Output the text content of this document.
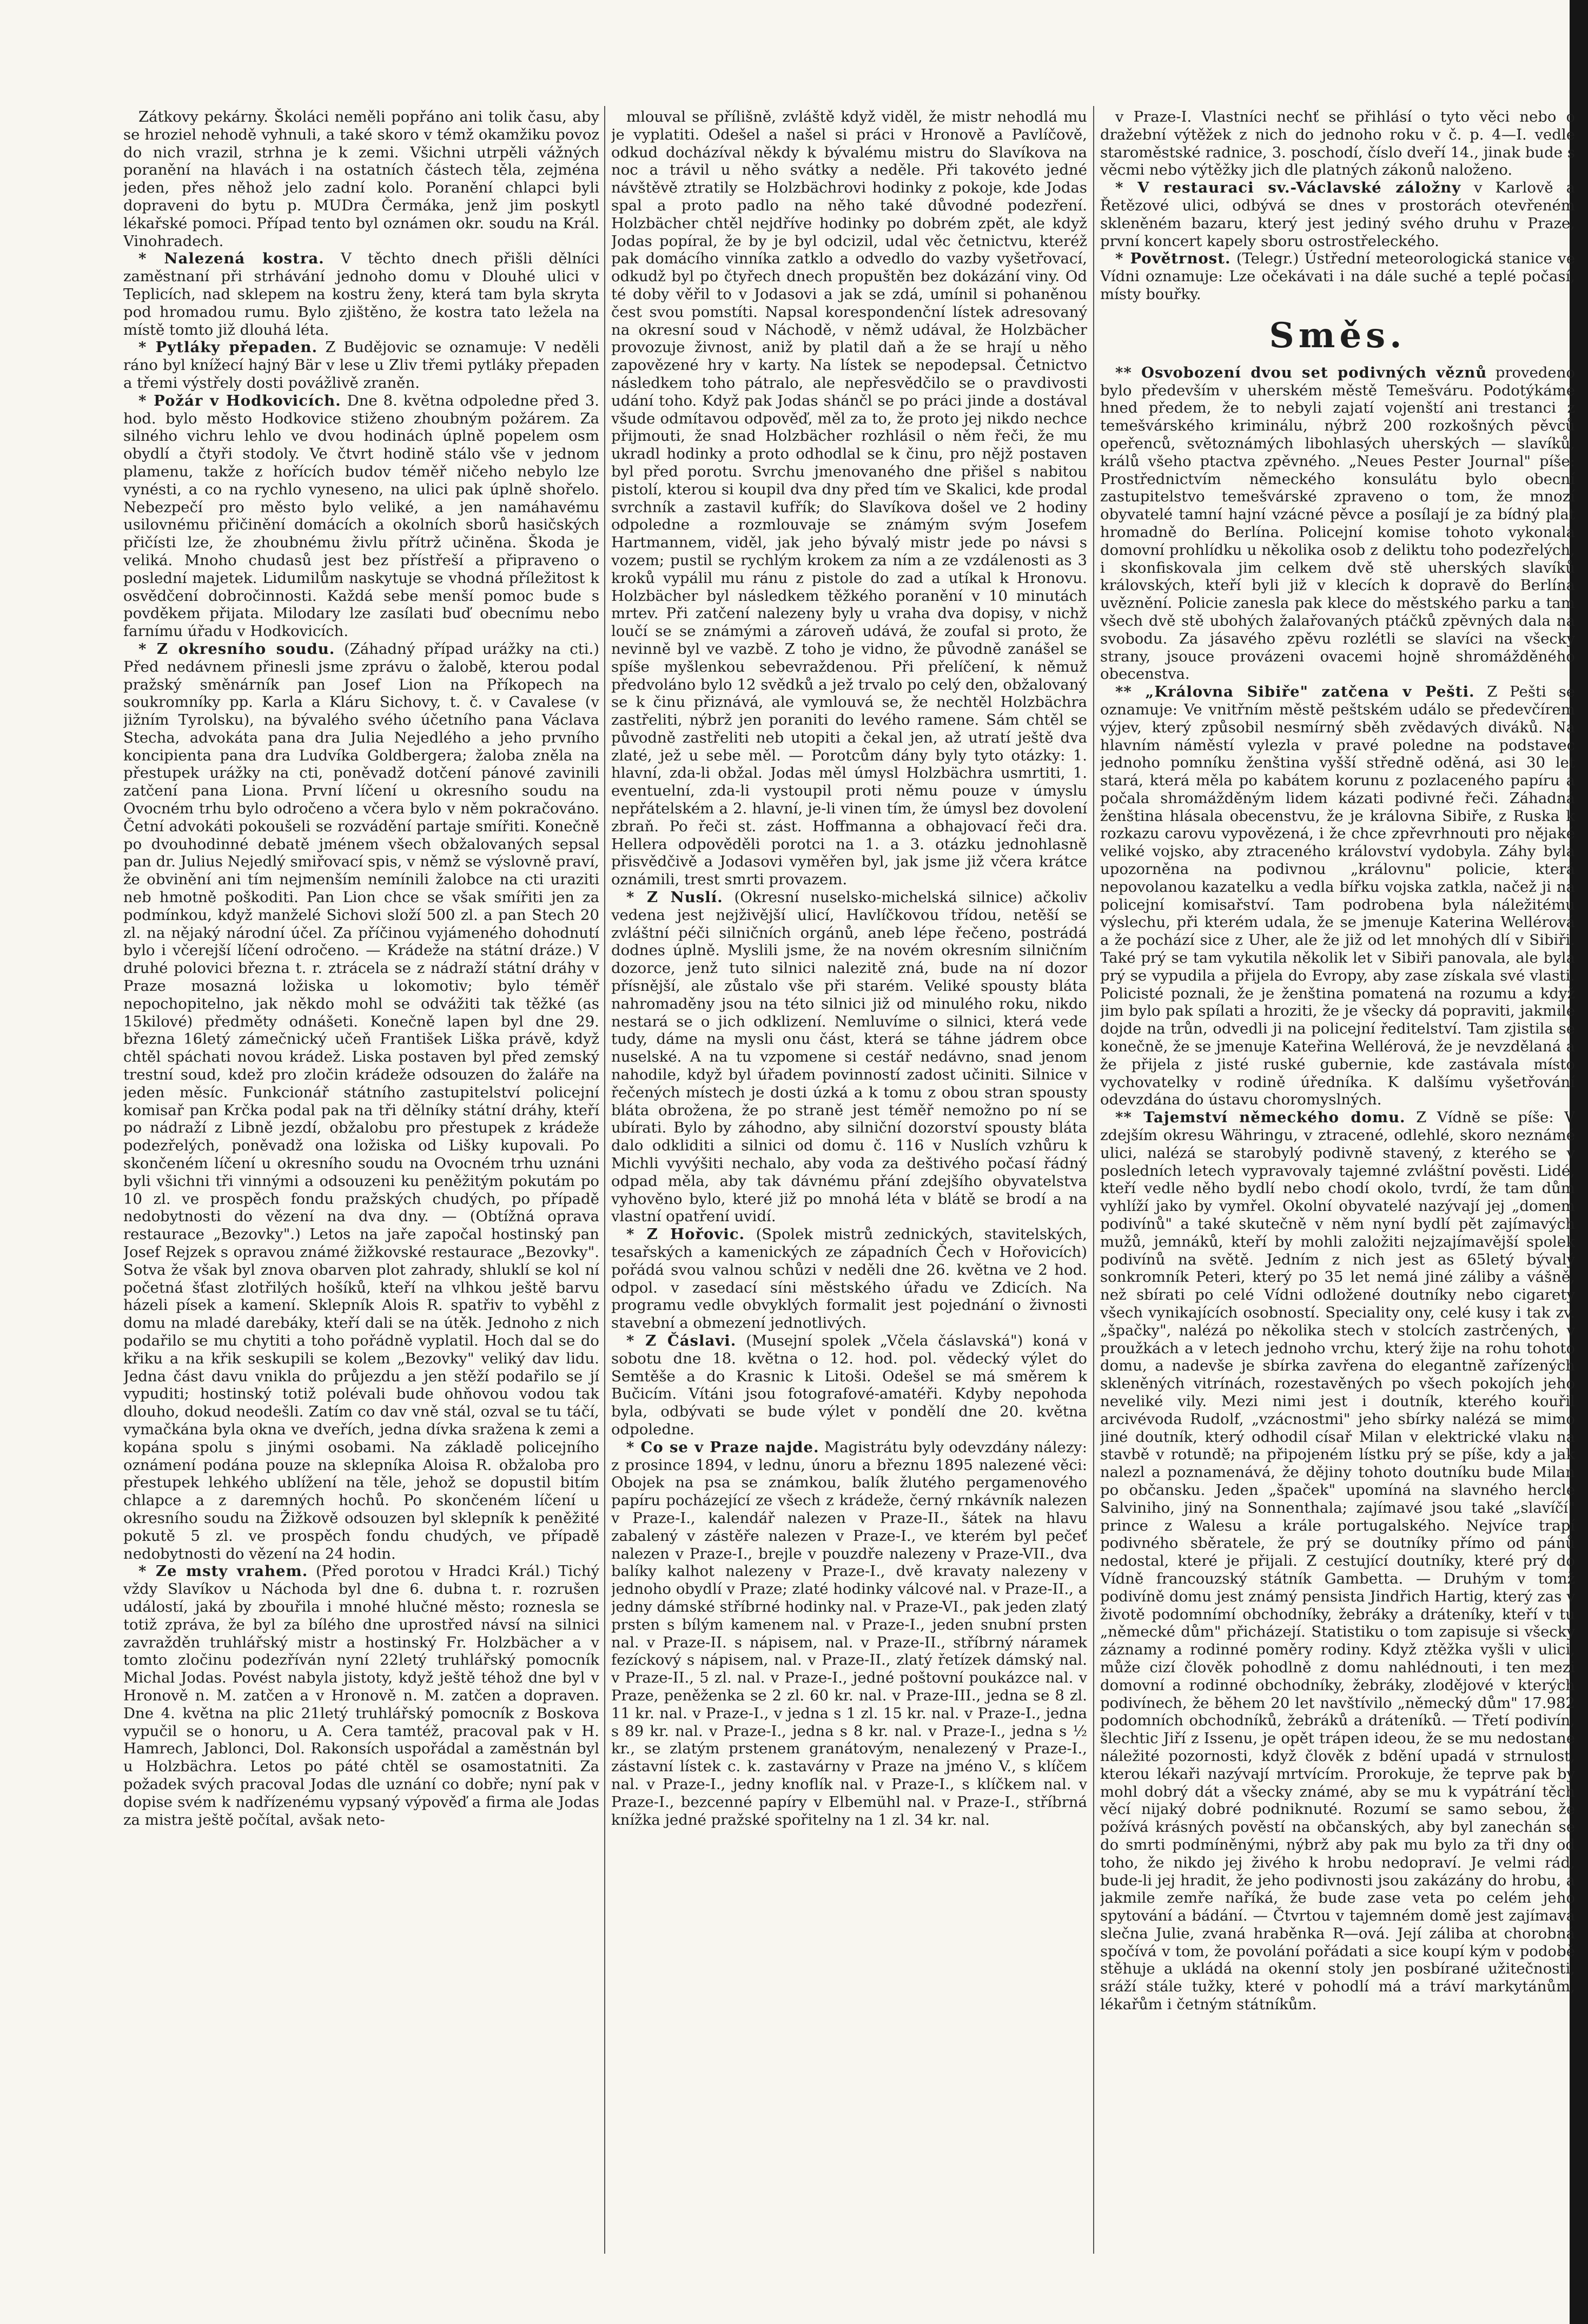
Zátkovy pekárny. Školáci neměli popřáno ani tolik času, aby se hroziel nehodě vyhnuli, a také skoro v témž okamžiku povoz do nich vrazil, strhna je k zemi. Všichni utrpěli vážných poranění na hlavách i na ostatních částech těla, zejména jeden, přes něhož jelo zadní kolo. Poranění chlapci byli dopraveni do bytu p. MUDra Čermáka, jenž jim poskytl lékařské pomoci. Případ tento byl oznámen okr. soudu na Král. Vinohradech.

* Nalezená kostra. V těchto dnech přišli dělníci zaměstnaní při strhávání jednoho domu v Dlouhé ulici v Teplicích, nad sklepem na kostru ženy, která tam byla skryta pod hromadou rumu. Bylo zjištěno, že kostra tato ležela na místě tomto již dlouhá léta.

* Pytláky přepaden. Z Budějovic se oznamuje: V neděli ráno byl knížecí hajný Bär v lese u Zliv třemi pytláky přepaden a třemi výstřely dosti povážlivě zraněn.

* Požár v Hodkovicích. Dne 8. května odpoledne před 3. hod. bylo město Hodkovice stiženo zhoubným požárem. Za silného vichru lehlo ve dvou hodinách úplně popelem osm obydlí a čtyři stodoly. Ve čtvrt hodině stálo vše v jednom plamenu, takže z hořících budov téměř ničeho nebylo lze vynésti, a co na rychlo vyneseno, na ulici pak úplně shořelo. Nebezpečí pro město bylo veliké, a jen namáhavému usilovnému přičinění domácích a okolních sborů hasičských přičísti lze, že zhoubnému živlu přítrž učiněna. Škoda je veliká. Mnoho chudasů jest bez přístřeší a připraveno o poslední majetek. Lidumilům naskytuje se vhodná příležitost k osvědčení dobročinnosti. Každá sebe menší pomoc bude s povděkem přijata. Milodary lze zasílati buď obecnímu nebo farnímu úřadu v Hodkovicích.

* Z okresního soudu. (Záhadný případ urážky na cti.) Před nedávnem přinesli jsme zprávu o žalobě, kterou podal pražský směnárník pan Josef Lion na Příkopech na soukromníky pp. Karla a Kláru Sichovy, t. č. v Cavalese (v jižním Tyrolsku), na bývalého svého účetního pana Václava Stecha, advokáta pana dra Julia Nejedlého a jeho prvního koncipienta pana dra Ludvíka Goldbergera; žaloba zněla na přestupek urážky na cti, poněvadž dotčení pánové zavinili zatčení pana Liona. První líčení u okresního soudu na Ovocném trhu bylo odročeno a včera bylo v něm pokračováno. Četní advokáti pokoušeli se rozvádění partaje smířiti. Konečně po dvouhodinné debatě jménem všech obžalovaných sepsal pan dr. Julius Nejedlý smiřovací spis, v němž se výslovně praví, že obvinění ani tím nejmenším nemínili žalobce na cti uraziti neb hmotně poškoditi. Pan Lion chce se však smířiti jen za podmínkou, když manželé Sichovi složí 500 zl. a pan Stech 20 zl. na nějaký národní účel. Za příčinou vyjámeného dohodnutí bylo i včerejší líčení odročeno. — Krádeže na státní dráze.) V druhé polovici března t. r. ztrácela se z nádraží státní dráhy v Praze mosazná ložiska u lokomotiv; bylo téměř nepochopitelno, jak někdo mohl se odvážiti tak těžké (as 15kilové) předměty odnášeti. Konečně lapen byl dne 29. března 16letý zámečnický učeň František Liška právě, když chtěl spáchati novou krádež. Liska postaven byl před zemský trestní soud, kdež pro zločin krádeže odsouzen do žaláře na jeden měsíc. Funkcionář státního zastupitelství policejní komisař pan Krčka podal pak na tři dělníky státní dráhy, kteří po nádraží z Libně jezdí, obžalobu pro přestupek z krádeže podezřelých, poněvadž ona ložiska od Lišky kupovali. Po skončeném líčení u okresního soudu na Ovocném trhu uznáni byli všichni tři vinnými a odsouzeni ku peněžitým pokutám po 10 zl. ve prospěch fondu pražských chudých, po případě nedobytnosti do vězení na dva dny. — (Obtížná oprava restaurace „Bezovky".) Letos na jaře započal hostinský pan Josef Rejzek s opravou známé žižkovské restaurace „Bezovky". Sotva že však byl znova obarven plot zahrady, shluklí se kol ní početná šťast zlotřilých hošíků, kteří na vlhkou ještě barvu házeli písek a kamení. Sklepník Alois R. spatřiv to vyběhl z domu na mladé darebáky, kteří dali se na útěk. Jednoho z nich podařilo se mu chytiti a toho pořádně vyplatil. Hoch dal se do křiku a na křik seskupili se kolem „Bezovky" veliký dav lidu. Jedna část davu vnikla do průjezdu a jen stěží podařilo se jí vypuditi; hostinský totiž polévali bude ohňovou vodou tak dlouho, dokud neodešli. Zatím co dav vně stál, ozval se tu táčí, vymačkána byla okna ve dveřích, jedna dívka sražena k zemi a kopána spolu s jinými osobami. Na základě policejního oznámení podána pouze na sklepníka Aloisa R. obžaloba pro přestupek lehkého ublížení na těle, jehož se dopustil bitím chlapce a z daremných hochů. Po skončeném líčení u okresního soudu na Žižkově odsouzen byl sklepník k peněžité pokutě 5 zl. ve prospěch fondu chudých, ve případě nedobytnosti do vězení na 24 hodin.

* Ze msty vrahem. (Před porotou v Hradci Král.) Tichý vždy Slavíkov u Náchoda byl dne 6. dubna t. r. rozrušen událostí, jaká by zbouřila i mnohé hlučné město; roznesla se totiž zpráva, že byl za bílého dne uprostřed návsí na silnici zavražděn truhlářský mistr a hostinský Fr. Holzbächer a v tomto zločinu podezříván nyní 22letý truhlářský pomocník Michal Jodas. Povést nabyla jistoty, když ještě téhož dne byl v Hronově n. M. zatčen a v Hronově n. M. zatčen a dopraven. Dne 4. května na plic 21letý truhlářský pomocník z Boskova vypučil se o honoru, u A. Cera tamtéž, pracoval pak v H. Hamrech, Jablonci, Dol. Rakonsích uspořádal a zaměstnán byl u Holzbächra. Letos po páté chtěl se osamostatniti. Za požadek svých pracoval Jodas dle uznání co dobře; nyní pak v dopise svém k nadřízenému vypsaný výpověď a firma ale Jodas za mistra ještě počítal, avšak neto-

mlouval se přílišně, zvláště když viděl, že mistr nehodlá mu je vyplatiti. Odešel a našel si práci v Hronově a Pavlíčově, odkud docházíval někdy k bývalému mistru do Slavíkova na noc a trávil u něho svátky a neděle. Při takovéto jedné návštěvě ztratily se Holzbächrovi hodinky z pokoje, kde Jodas spal a proto padlo na něho také důvodné podezření. Holzbächer chtěl nejdříve hodinky po dobrém zpět, ale když Jodas popíral, že by je byl odcizil, udal věc četnictvu, kteréž pak domácího vinníka zatklo a odvedlo do vazby vyšetřovací, odkudž byl po čtyřech dnech propuštěn bez dokázání viny. Od té doby věřil to v Jodasovi a jak se zdá, umínil si pohaněnou čest svou pomstíti. Napsal korespondenční lístek adresovaný na okresní soud v Náchodě, v němž udával, že Holzbächer provozuje živnost, aniž by platil daň a že se hrají u něho zapovězené hry v karty. Na lístek se nepodepsal. Četnictvo následkem toho pátralo, ale nepřesvědčilo se o pravdivosti udání toho. Když pak Jodas shánčl se po práci jinde a dostával všude odmítavou odpověď, měl za to, že proto jej nikdo nechce přijmouti, že snad Holzbächer rozhlásil o něm řeči, že mu ukradl hodinky a proto odhodlal se k činu, pro nějž postaven byl před porotu. Svrchu jmenovaného dne přišel s nabitou pistolí, kterou si koupil dva dny před tím ve Skalici, kde prodal svrchník a zastavil kufřík; do Slavíkova došel ve 2 hodiny odpoledne a rozmlouvaje se známým svým Josefem Hartmannem, viděl, jak jeho bývalý mistr jede po návsi s vozem; pustil se rychlým krokem za ním a ze vzdálenosti as 3 kroků vypálil mu ránu z pistole do zad a utíkal k Hronovu. Holzbächer byl následkem těžkého poranění v 10 minutách mrtev. Při zatčení nalezeny byly u vraha dva dopisy, v nichž loučí se se známými a zároveň udává, že zoufal si proto, že nevinně byl ve vazbě. Z toho je vidno, že původně zanášel se spíše myšlenkou sebevraždenou. Při přelíčení, k němuž předvoláno bylo 12 svědků a jež trvalo po celý den, obžalovaný se k činu přiznává, ale vymlouvá se, že nechtěl Holzbächra zastřeliti, nýbrž jen poraniti do levého ramene. Sám chtěl se původně zastřeliti neb utopiti a čekal jen, až utratí ještě dva zlaté, jež u sebe měl. — Porotcům dány byly tyto otázky: 1. hlavní, zda-li obžal. Jodas měl úmysl Holzbächra usmrtiti, 1. eventuelní, zda-li vystoupil proti němu pouze v úmyslu nepřátelském a 2. hlavní, je-li vinen tím, že úmysl bez dovolení zbraň. Po řeči st. zást. Hoffmanna a obhajovací řeči dra. Hellera odpověděli porotci na 1. a 3. otázku jednohlasně přisvědčivě a Jodasovi vyměřen byl, jak jsme již včera krátce oznámili, trest smrti provazem.

* Z Nuslí. (Okresní nuselsko-michelská silnice) ačkoliv vedena jest nejživější ulicí, Havlíčkovou třídou, netěší se zvláštní péči silničních orgánů, aneb lépe řečeno, postrádá dodnes úplně. Myslili jsme, že na novém okresním silničním dozorce, jenž tuto silnici nalezitě zná, bude na ní dozor přísnější, ale zůstalo vše při starém. Veliké spousty bláta nahromaděny jsou na této silnici již od minulého roku, nikdo nestará se o jich odklizení. Nemluvíme o silnici, která vede tudy, dáme na mysli onu část, která se táhne jádrem obce nuselské. A na tu vzpomene si cestář nedávno, snad jenom nahodile, když byl úřadem povinností zadost učiniti. Silnice v řečených místech je dosti úzká a k tomu z obou stran spousty bláta obrožena, že po straně jest téměř nemožno po ní se ubírati. Bylo by záhodno, aby silniční dozorství spousty bláta dalo odkliditi a silnici od domu č. 116 v Nuslích vzhůru k Michli vyvýšiti nechalo, aby voda za deštivého počasí řádný odpad měla, aby tak dávnému přání zdejšího obyvatelstva vyhověno bylo, které již po mnohá léta v blátě se brodí a na vlastní opatření uvidí.

* Z Hořovic. (Spolek mistrů zednických, stavitelských, tesařských a kamenických ze západních Čech v Hořovicích) pořádá svou valnou schůzi v neděli dne 26. května ve 2 hod. odpol. v zasedací síni městského úřadu ve Zdicích. Na programu vedle obvyklých formalit jest pojednání o živnosti stavební a obmezení jednotlivých.

* Z Čáslavi. (Musejní spolek „Včela čáslavská") koná v sobotu dne 18. května o 12. hod. pol. vědecký výlet do Semtěše a do Krasnic k Litoši. Odešel se má směrem k Bučicím. Vítáni jsou fotografové-amatéři. Kdyby nepohoda byla, odbývati se bude výlet v pondělí dne 20. května odpoledne.

* Co se v Praze najde. Magistrátu byly odevzdány nálezy: z prosince 1894, v lednu, únoru a březnu 1895 nalezené věci: Obojek na psa se známkou, balík žlutého pergamenového papíru pocházející ze všech z krádeže, černý rnkávník nalezen v Praze-I., kalendář nalezen v Praze-II., šátek na hlavu zabalený v zástěře nalezen v Praze-I., ve kterém byl pečeť nalezen v Praze-I., brejle v pouzdře nalezeny v Praze-VII., dva balíky kalhot nalezeny v Praze-I., dvě kravaty nalezeny v jednoho obydlí v Praze; zlaté hodinky válcové nal. v Praze-II., a jedny dámské stříbrné hodinky nal. v Praze-VI., pak jeden zlatý prsten s bílým kamenem nal. v Praze-I., jeden snubní prsten nal. v Praze-II. s nápisem, nal. v Praze-II., stříbrný náramek fezíckový s nápisem, nal. v Praze-II., zlatý řetízek dámský nal. v Praze-II., 5 zl. nal. v Praze-I., jedné poštovní poukázce nal. v Praze, peněženka se 2 zl. 60 kr. nal. v Praze-III., jedna se 8 zl. 11 kr. nal. v Praze-I., v jedna s 1 zl. 15 kr. nal. v Praze-I., jedna s 89 kr. nal. v Praze-I., jedna s 8 kr. nal. v Praze-I., jedna s ½ kr., se zlatým prstenem granátovým, nenalezený v Praze-I., zástavní lístek c. k. zastavárny v Praze na jméno V., s klíčem nal. v Praze-I., jedny knoflík nal. v Praze-I., s klíčkem nal. v Praze-I., bezcenné papíry v Elbemühl nal. v Praze-I., stříbrná knížka jedné pražské spořitelny na 1 zl. 34 kr. nal.

v Praze-I. Vlastníci nechť se přihlásí o tyto věci nebo o dražební výtěžek z nich do jednoho roku v č. p. 4—I. vedle staroměstské radnice, 3. poschodí, číslo dveří 14., jinak bude s věcmi nebo výtěžky jich dle platných zákonů naloženo.

* V restauraci sv.-Václavské záložny v Karlově a Řetězové ulici, odbývá se dnes v prostorách otevřeném skleněném bazaru, který jest jediný svého druhu v Praze, první koncert kapely sboru ostrostřeleckého.

* Povětrnost. (Telegr.) Ústřední meteorologická stanice ve Vídni oznamuje: Lze očekávati i na dále suché a teplé počasí, místy bouřky.

Směs.

** Osvobození dvou set podivných věznů provedeno bylo především v uherském městě Temešváru. Podotýkáme hned předem, že to nebyli zajatí vojenští ani trestanci z temešvárského kriminálu, nýbrž 200 rozkošných pěvců opeřenců, světoznámých libohlasých uherských — slavíků, králů všeho ptactva zpěvného. „Neues Pester Journal" píše: Prostřednictvím německého konsulátu bylo obecní zastupitelstvo temešvárské zpraveno o tom, že mnozí obyvatelé tamní hajní vzácné pěvce a posílají je za bídný plat hromadně do Berlína. Policejní komise tohoto vykonala domovní prohlídku u několika osob z deliktu toho podezřelých, i skonfiskovala jim celkem dvě stě uherských slavíků královských, kteří byli již v klecích k dopravě do Berlína uvěznění. Policie zanesla pak klece do městského parku a tam všech dvě stě ubohých žalařovaných ptáčků zpěvných dala na svobodu. Za jásavého zpěvu rozlétli se slavíci na všecky strany, jsouce provázeni ovacemi hojně shromážděného obecenstva.

** „Královna Sibiře" zatčena v Pešti. Z Pešti se oznamuje: Ve vnitřním městě peštském událo se předevčírem výjev, který způsobil nesmírný sběh zvědavých diváků. Na hlavním náměstí vylezla v pravé poledne na podstavec jednoho pomníku ženština vyšší středně oděná, asi 30 let stará, která měla po kabátem korunu z pozlaceného papíru a počala shromážděným lidem kázati podivné řeči. Záhadná ženština hlásala obecenstvu, že je královna Sibiře, z Ruska k rozkazu carovu vypovězená, i že chce zpřevrhnouti pro nějaké veliké vojsko, aby ztraceného království vydobyla. Záhy byla upozorněna na podivnou „královnu" policie, která nepovolanou kazatelku a vedla bířku vojska zatkla, načež ji na policejní komisařství. Tam podrobena byla náležitému výslechu, při kterém udala, že se jmenuje Katerina Wellérová a že pochází sice z Uher, ale že již od let mnohých dlí v Sibiři. Také prý se tam vykutila několik let v Sibiři panovala, ale byla prý se vypudila a přijela do Evropy, aby zase získala své vlasti. Policisté poznali, že je ženština pomatená na rozumu a když jim bylo pak spílati a hroziti, že je všecky dá popraviti, jakmile dojde na trůn, odvedli ji na policejní ředitelství. Tam zjistila se konečně, že se jmenuje Kateřina Wellérová, že je nevzdělaná a že přijela z jisté ruské gubernie, kde zastávala místo vychovatelky v rodině úředníka. K dalšímu vyšetřování odevzdána do ústavu choromyslných.

** Tajemství německého domu. Z Vídně se píše: V zdejším okresu Währingu, v ztracené, odlehlé, skoro neznámé ulici, nalézá se starobylý podivně stavený, z kterého se v posledních letech vypravovaly tajemné zvláštní pověsti. Lidé, kteří vedle něho bydlí nebo chodí okolo, tvrdí, že tam dům vyhlíží jako by vymřel. Okolní obyvatelé nazývají jej „domem podivínů" a také skutečně v něm nyní bydlí pět zajímavých mužů, jemnáků, kteří by mohli založiti nejzajímavější spolek podivínů na světě. Jedním z nich jest as 65letý bývalý sonkromník Peteri, který po 35 let nemá jiné záliby a vášně, než sbírati po celé Vídni odložené doutníky nebo cigarety všech vynikajících osobností. Speciality ony, celé kusy i tak zv. „špačky", nalézá po několika stech v stolcích zastrčených, v proužkách a v letech jednoho vrchu, který žije na rohu tohoto domu, a nadevše je sbírka zavřena do elegantně zařízených skleněných vitrínách, rozestavěných po všech pokojích jeho neveliké vily. Mezi nimi jest i doutník, kterého kouřil arcivévoda Rudolf, „vzácnostmi" jeho sbírky nalézá se mimo jiné doutník, který odhodil císař Milan v elektrické vlaku na stavbě v rotundě; na připojeném lístku prý se píše, kdy a jak nalezl a poznamenává, že dějiny tohoto doutníku bude Milan po občansku. Jeden „špaček" upomíná na slavného hercle Salviniho, jiný na Sonnenthala; zajímavé jsou také „slavíčí" prince z Walesu a krále portugalského. Nejvíce trapí podivného sběratele, že prý se doutníky přímo od pánů nedostal, které je přijali. Z cestující doutníky, které prý do Vídně francouzský státník Gambetta. — Druhým v tomž podivíně domu jest známý pensista Jindřich Hartig, který zas v životě podomnímí obchodníky, žebráky a dráteníky, kteří v tu „německé dům" přicházejí. Statistiku o tom zapisuje si všecky záznamy a rodinné poměry rodiny. Když ztěžka vyšli v ulici, může cizí člověk pohodlně z domu nahlédnouti, i ten mezi domovní a rodinné obchodníky, žebráky, zlodějové v kterých podivínech, že během 20 let navštívilo „německý dům" 17.982 podomních obchodníků, žebráků a dráteníků. — Třetí podivín, šlechtic Jiří z Issenu, je opět trápen ideou, že se mu nedostane náležité pozornosti, když člověk z bdění upadá v strnulost, kterou lékaři nazývají mrtvícím. Prorokuje, že teprve pak by mohl dobrý dát a všecky známé, aby se mu k vypátrání těch věcí nijaký dobré podniknuté. Rozumí se samo sebou, že požívá krásných pověstí na občanských, aby byl zanechán se do smrti podmíněnými, nýbrž aby pak mu bylo za tři dny od toho, že nikdo jej živého k hrobu nedopraví. Je velmi rád, bude-li jej hradit, že jeho podivnosti jsou zakázány do hrobu, a jakmile zemře naříká, že bude zase veta po celém jeho spytování a bádání. — Čtvrtou v tajemném domě jest zajímavá slečna Julie, zvaná hraběnka R—ová. Její záliba at chorobná spočívá v tom, že povolání pořádati a sice koupí kým v podobě stěhuje a ukládá na okenní stoly jen posbírané užitečnosti, sráží stále tužky, které v pohodlí má a tráví markytánům, lékařům i četným státníkům.
